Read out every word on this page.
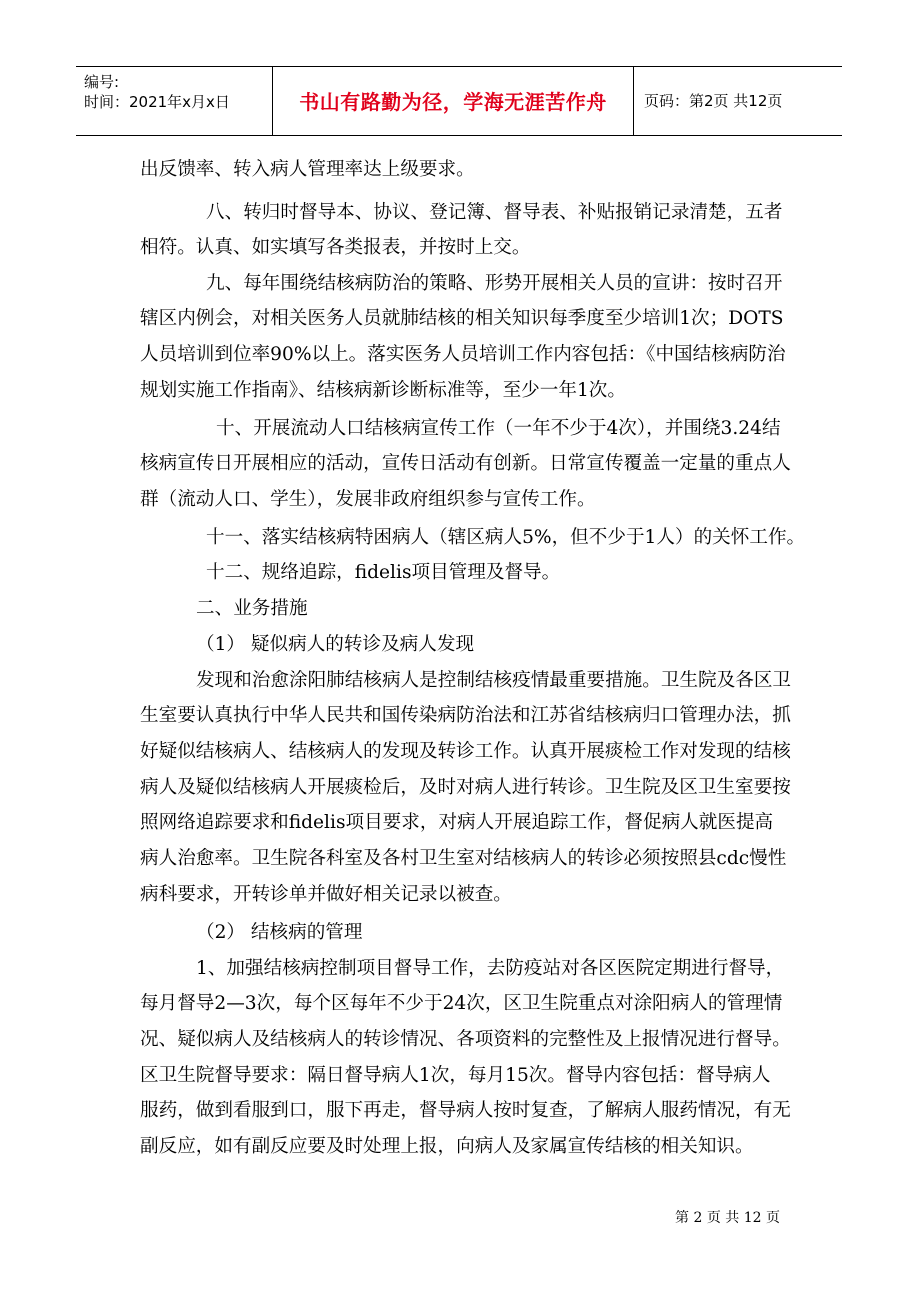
编号:
时间：2021年x月x日	书山有路勤为径，学海无涯苦作舟	页码：第2页 共12页
出反馈率、转入病人管理率达上级要求。
八、转归时督导本、协议、登记簿、督导表、补贴报销记录清楚，五者
相符。认真、如实填写各类报表，并按时上交。
九、每年围绕结核病防治的策略、形势开展相关人员的宣讲：按时召开
辖区内例会，对相关医务人员就肺结核的相关知识每季度至少培训1次；DOTS
人员培训到位率90%以上。落实医务人员培训工作内容包括：《中国结核病防治
规划实施工作指南》、结核病新诊断标准等，至少一年1次。
十、开展流动人口结核病宣传工作（一年不少于4次），并围绕3.24结
核病宣传日开展相应的活动，宣传日活动有创新。日常宣传覆盖一定量的重点人
群（流动人口、学生），发展非政府组织参与宣传工作。
十一、落实结核病特困病人（辖区病人5%，但不少于1人）的关怀工作。
十二、规络追踪，fidelis项目管理及督导。
二、业务措施
（1） 疑似病人的转诊及病人发现
发现和治愈涂阳肺结核病人是控制结核疫情最重要措施。卫生院及各区卫
生室要认真执行中华人民共和国传染病防治法和江苏省结核病归口管理办法，抓
好疑似结核病人、结核病人的发现及转诊工作。认真开展痰检工作对发现的结核
病人及疑似结核病人开展痰检后，及时对病人进行转诊。卫生院及区卫生室要按
照网络追踪要求和fidelis项目要求，对病人开展追踪工作，督促病人就医提高
病人治愈率。卫生院各科室及各村卫生室对结核病人的转诊必须按照县cdc慢性
病科要求，开转诊单并做好相关记录以被查。
（2） 结核病的管理
1、加强结核病控制项目督导工作，去防疫站对各区医院定期进行督导，
每月督导2—3次，每个区每年不少于24次，区卫生院重点对涂阳病人的管理情
况、疑似病人及结核病人的转诊情况、各项资料的完整性及上报情况进行督导。
区卫生院督导要求：隔日督导病人1次，每月15次。督导内容包括：督导病人
服药，做到看服到口，服下再走，督导病人按时复查，了解病人服药情况，有无
副反应，如有副反应要及时处理上报，向病人及家属宣传结核的相关知识。
第 2 页 共 12 页
